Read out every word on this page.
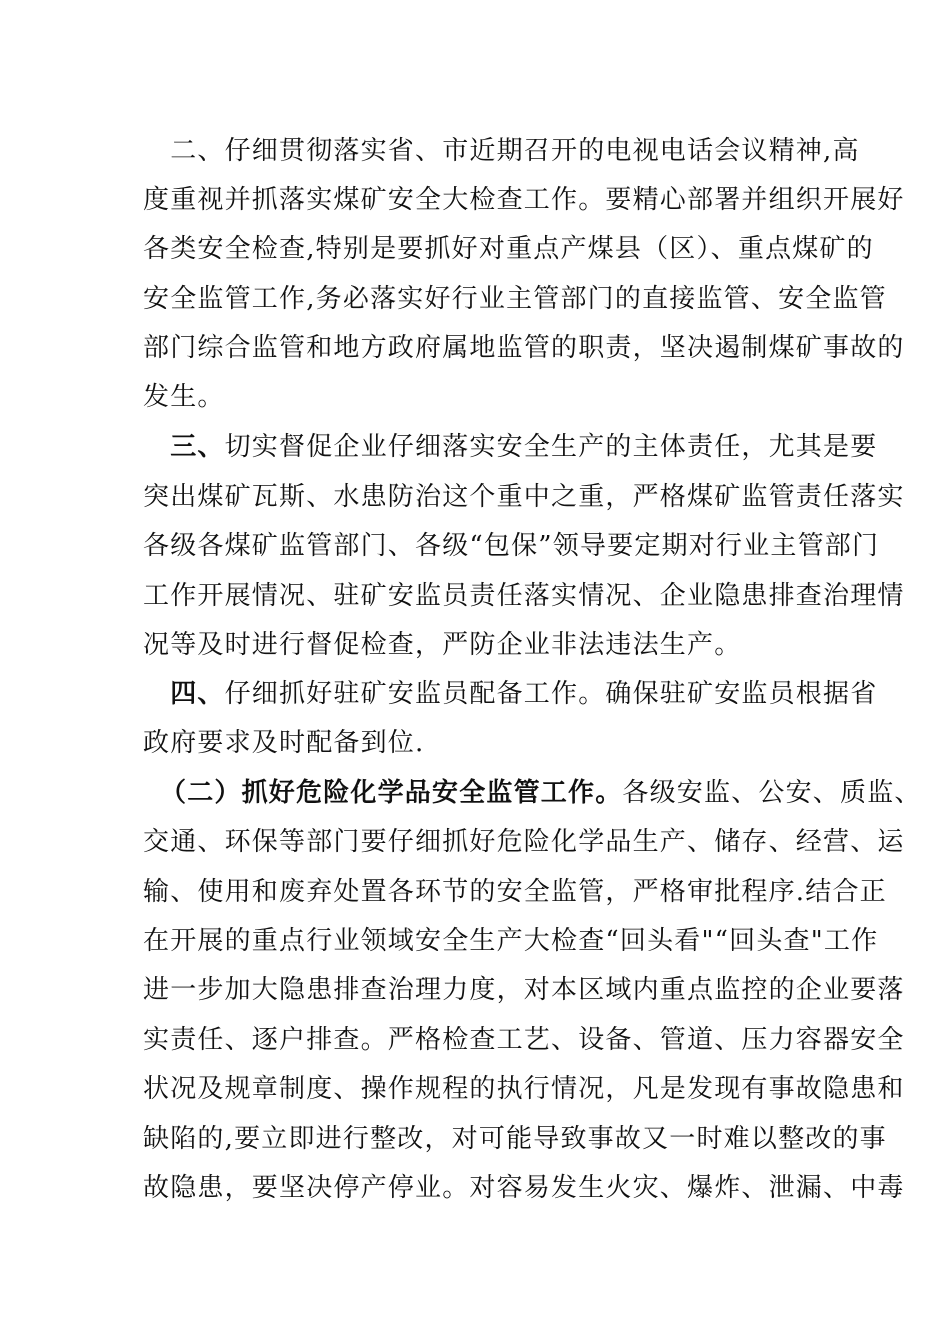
　二、仔细贯彻落实省、市近期召开的电视电话会议精神,高
度重视并抓落实煤矿安全大检查工作。要精心部署并组织开展好
各类安全检查,特别是要抓好对重点产煤县（区）、重点煤矿的
安全监管工作,务必落实好行业主管部门的直接监管、安全监管
部门综合监管和地方政府属地监管的职责，坚决遏制煤矿事故的
发生。
　三、切实督促企业仔细落实安全生产的主体责任，尤其是要
突出煤矿瓦斯、水患防治这个重中之重，严格煤矿监管责任落实
各级各煤矿监管部门、各级“包保”领导要定期对行业主管部门
工作开展情况、驻矿安监员责任落实情况、企业隐患排查治理情
况等及时进行督促检查，严防企业非法违法生产。
　四、仔细抓好驻矿安监员配备工作。确保驻矿安监员根据省
政府要求及时配备到位.
（二）抓好危险化学品安全监管工作。各级安监、公安、质监、
交通、环保等部门要仔细抓好危险化学品生产、储存、经营、运
输、使用和废弃处置各环节的安全监管，严格审批程序.结合正
在开展的重点行业领域安全生产大检查“回头看"“回头查"工作
进一步加大隐患排查治理力度，对本区域内重点监控的企业要落
实责任、逐户排查。严格检查工艺、设备、管道、压力容器安全
状况及规章制度、操作规程的执行情况，凡是发现有事故隐患和
缺陷的,要立即进行整改，对可能导致事故又一时难以整改的事
故隐患，要坚决停产停业。对容易发生火灾、爆炸、泄漏、中毒
